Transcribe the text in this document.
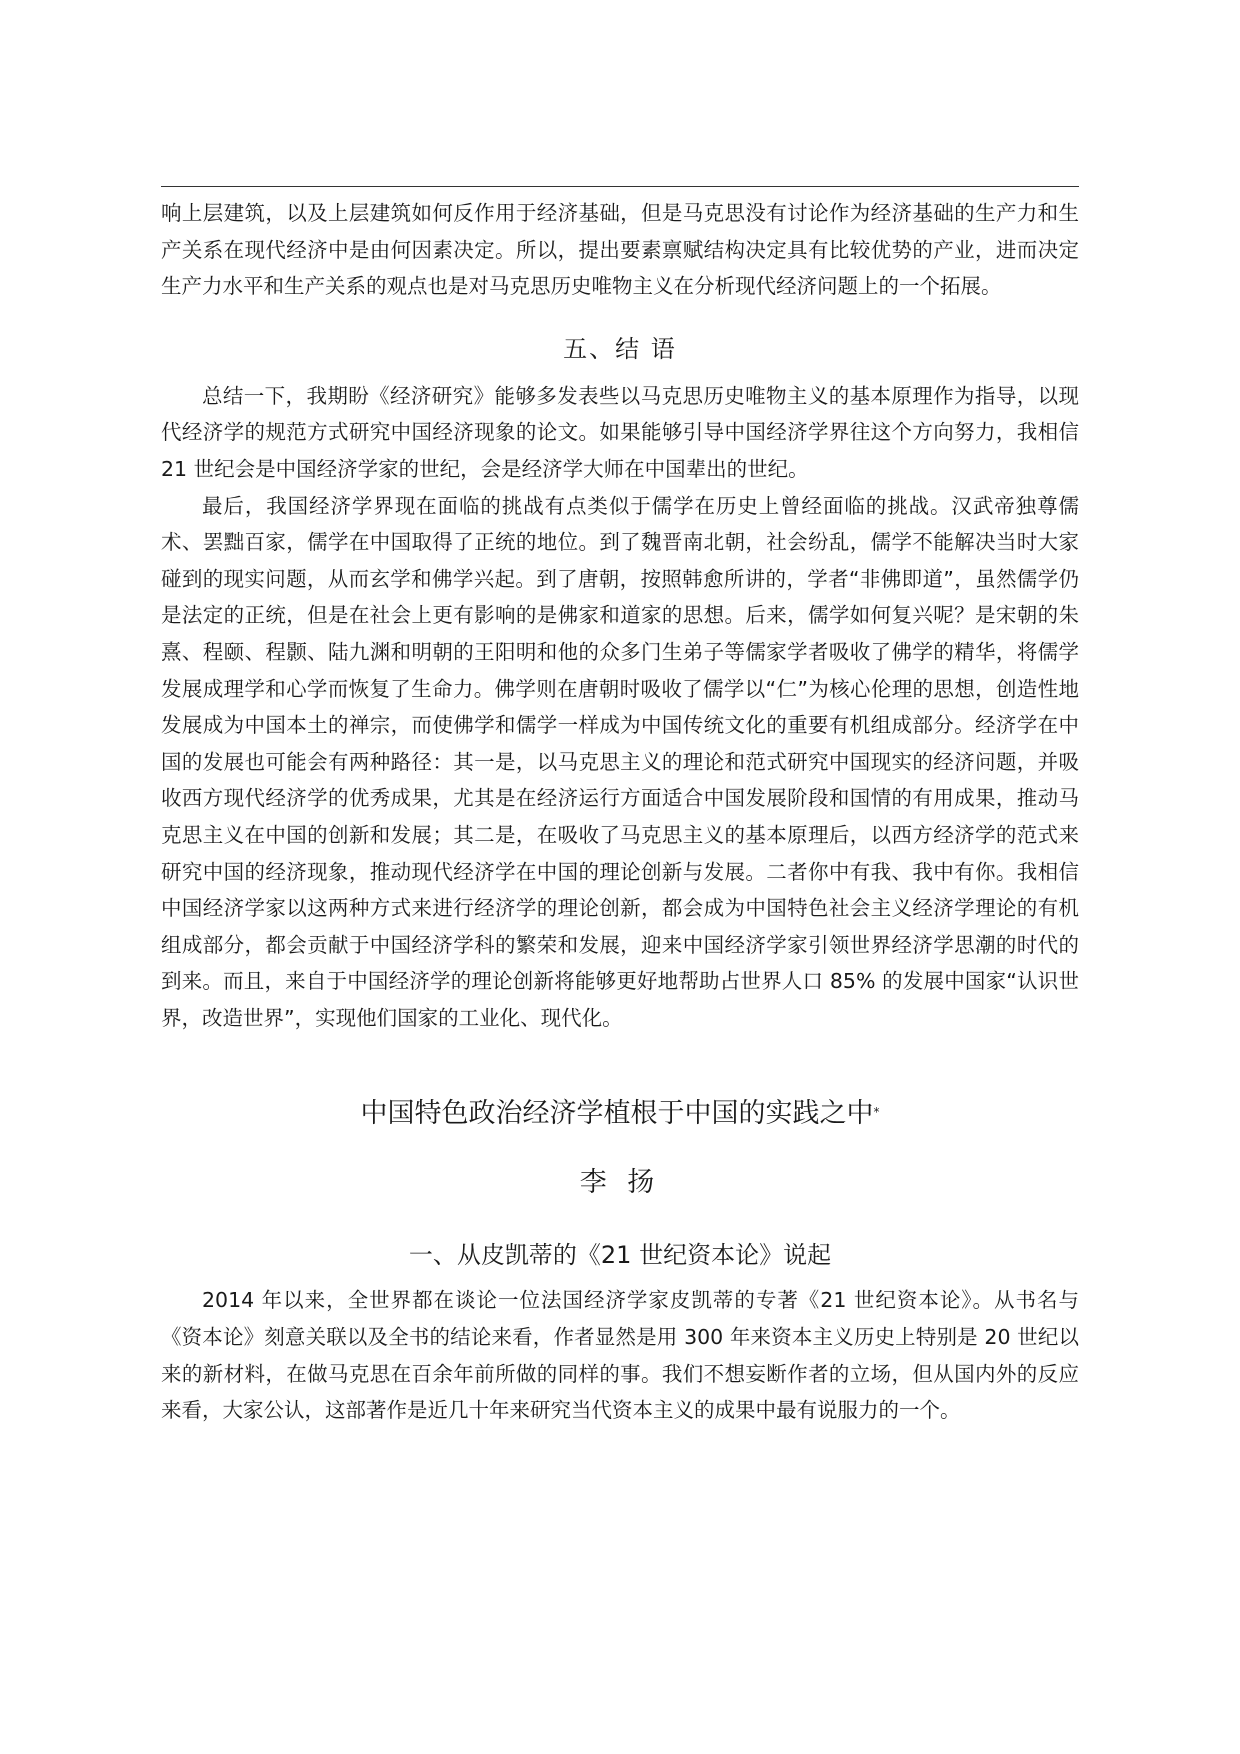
响上层建筑，以及上层建筑如何反作用于经济基础，但是马克思没有讨论作为经济基础的生产力和生产关系在现代经济中是由何因素决定。所以，提出要素禀赋结构决定具有比较优势的产业，进而决定生产力水平和生产关系的观点也是对马克思历史唯物主义在分析现代经济问题上的一个拓展。

五、结 语

总结一下，我期盼《经济研究》能够多发表些以马克思历史唯物主义的基本原理作为指导，以现代经济学的规范方式研究中国经济现象的论文。如果能够引导中国经济学界往这个方向努力，我相信 21 世纪会是中国经济学家的世纪，会是经济学大师在中国辈出的世纪。

最后，我国经济学界现在面临的挑战有点类似于儒学在历史上曾经面临的挑战。汉武帝独尊儒术、罢黜百家，儒学在中国取得了正统的地位。到了魏晋南北朝，社会纷乱，儒学不能解决当时大家碰到的现实问题，从而玄学和佛学兴起。到了唐朝，按照韩愈所讲的，学者“非佛即道”，虽然儒学仍是法定的正统，但是在社会上更有影响的是佛家和道家的思想。后来，儒学如何复兴呢？是宋朝的朱熹、程颐、程颢、陆九渊和明朝的王阳明和他的众多门生弟子等儒家学者吸收了佛学的精华，将儒学发展成理学和心学而恢复了生命力。佛学则在唐朝时吸收了儒学以“仁”为核心伦理的思想，创造性地发展成为中国本土的禅宗，而使佛学和儒学一样成为中国传统文化的重要有机组成部分。经济学在中国的发展也可能会有两种路径：其一是，以马克思主义的理论和范式研究中国现实的经济问题，并吸收西方现代经济学的优秀成果，尤其是在经济运行方面适合中国发展阶段和国情的有用成果，推动马克思主义在中国的创新和发展；其二是，在吸收了马克思主义的基本原理后，以西方经济学的范式来研究中国的经济现象，推动现代经济学在中国的理论创新与发展。二者你中有我、我中有你。我相信中国经济学家以这两种方式来进行经济学的理论创新，都会成为中国特色社会主义经济学理论的有机组成部分，都会贡献于中国经济学科的繁荣和发展，迎来中国经济学家引领世界经济学思潮的时代的到来。而且，来自于中国经济学的理论创新将能够更好地帮助占世界人口 85% 的发展中国家“认识世界，改造世界”，实现他们国家的工业化、现代化。

中国特色政治经济学植根于中国的实践之中*
李 扬
一、从皮凯蒂的《21 世纪资本论》说起

2014 年以来，全世界都在谈论一位法国经济学家皮凯蒂的专著《21 世纪资本论》。从书名与《资本论》刻意关联以及全书的结论来看，作者显然是用 300 年来资本主义历史上特别是 20 世纪以来的新材料，在做马克思在百余年前所做的同样的事。我们不想妄断作者的立场，但从国内外的反应来看，大家公认，这部著作是近几十年来研究当代资本主义的成果中最有说服力的一个。
